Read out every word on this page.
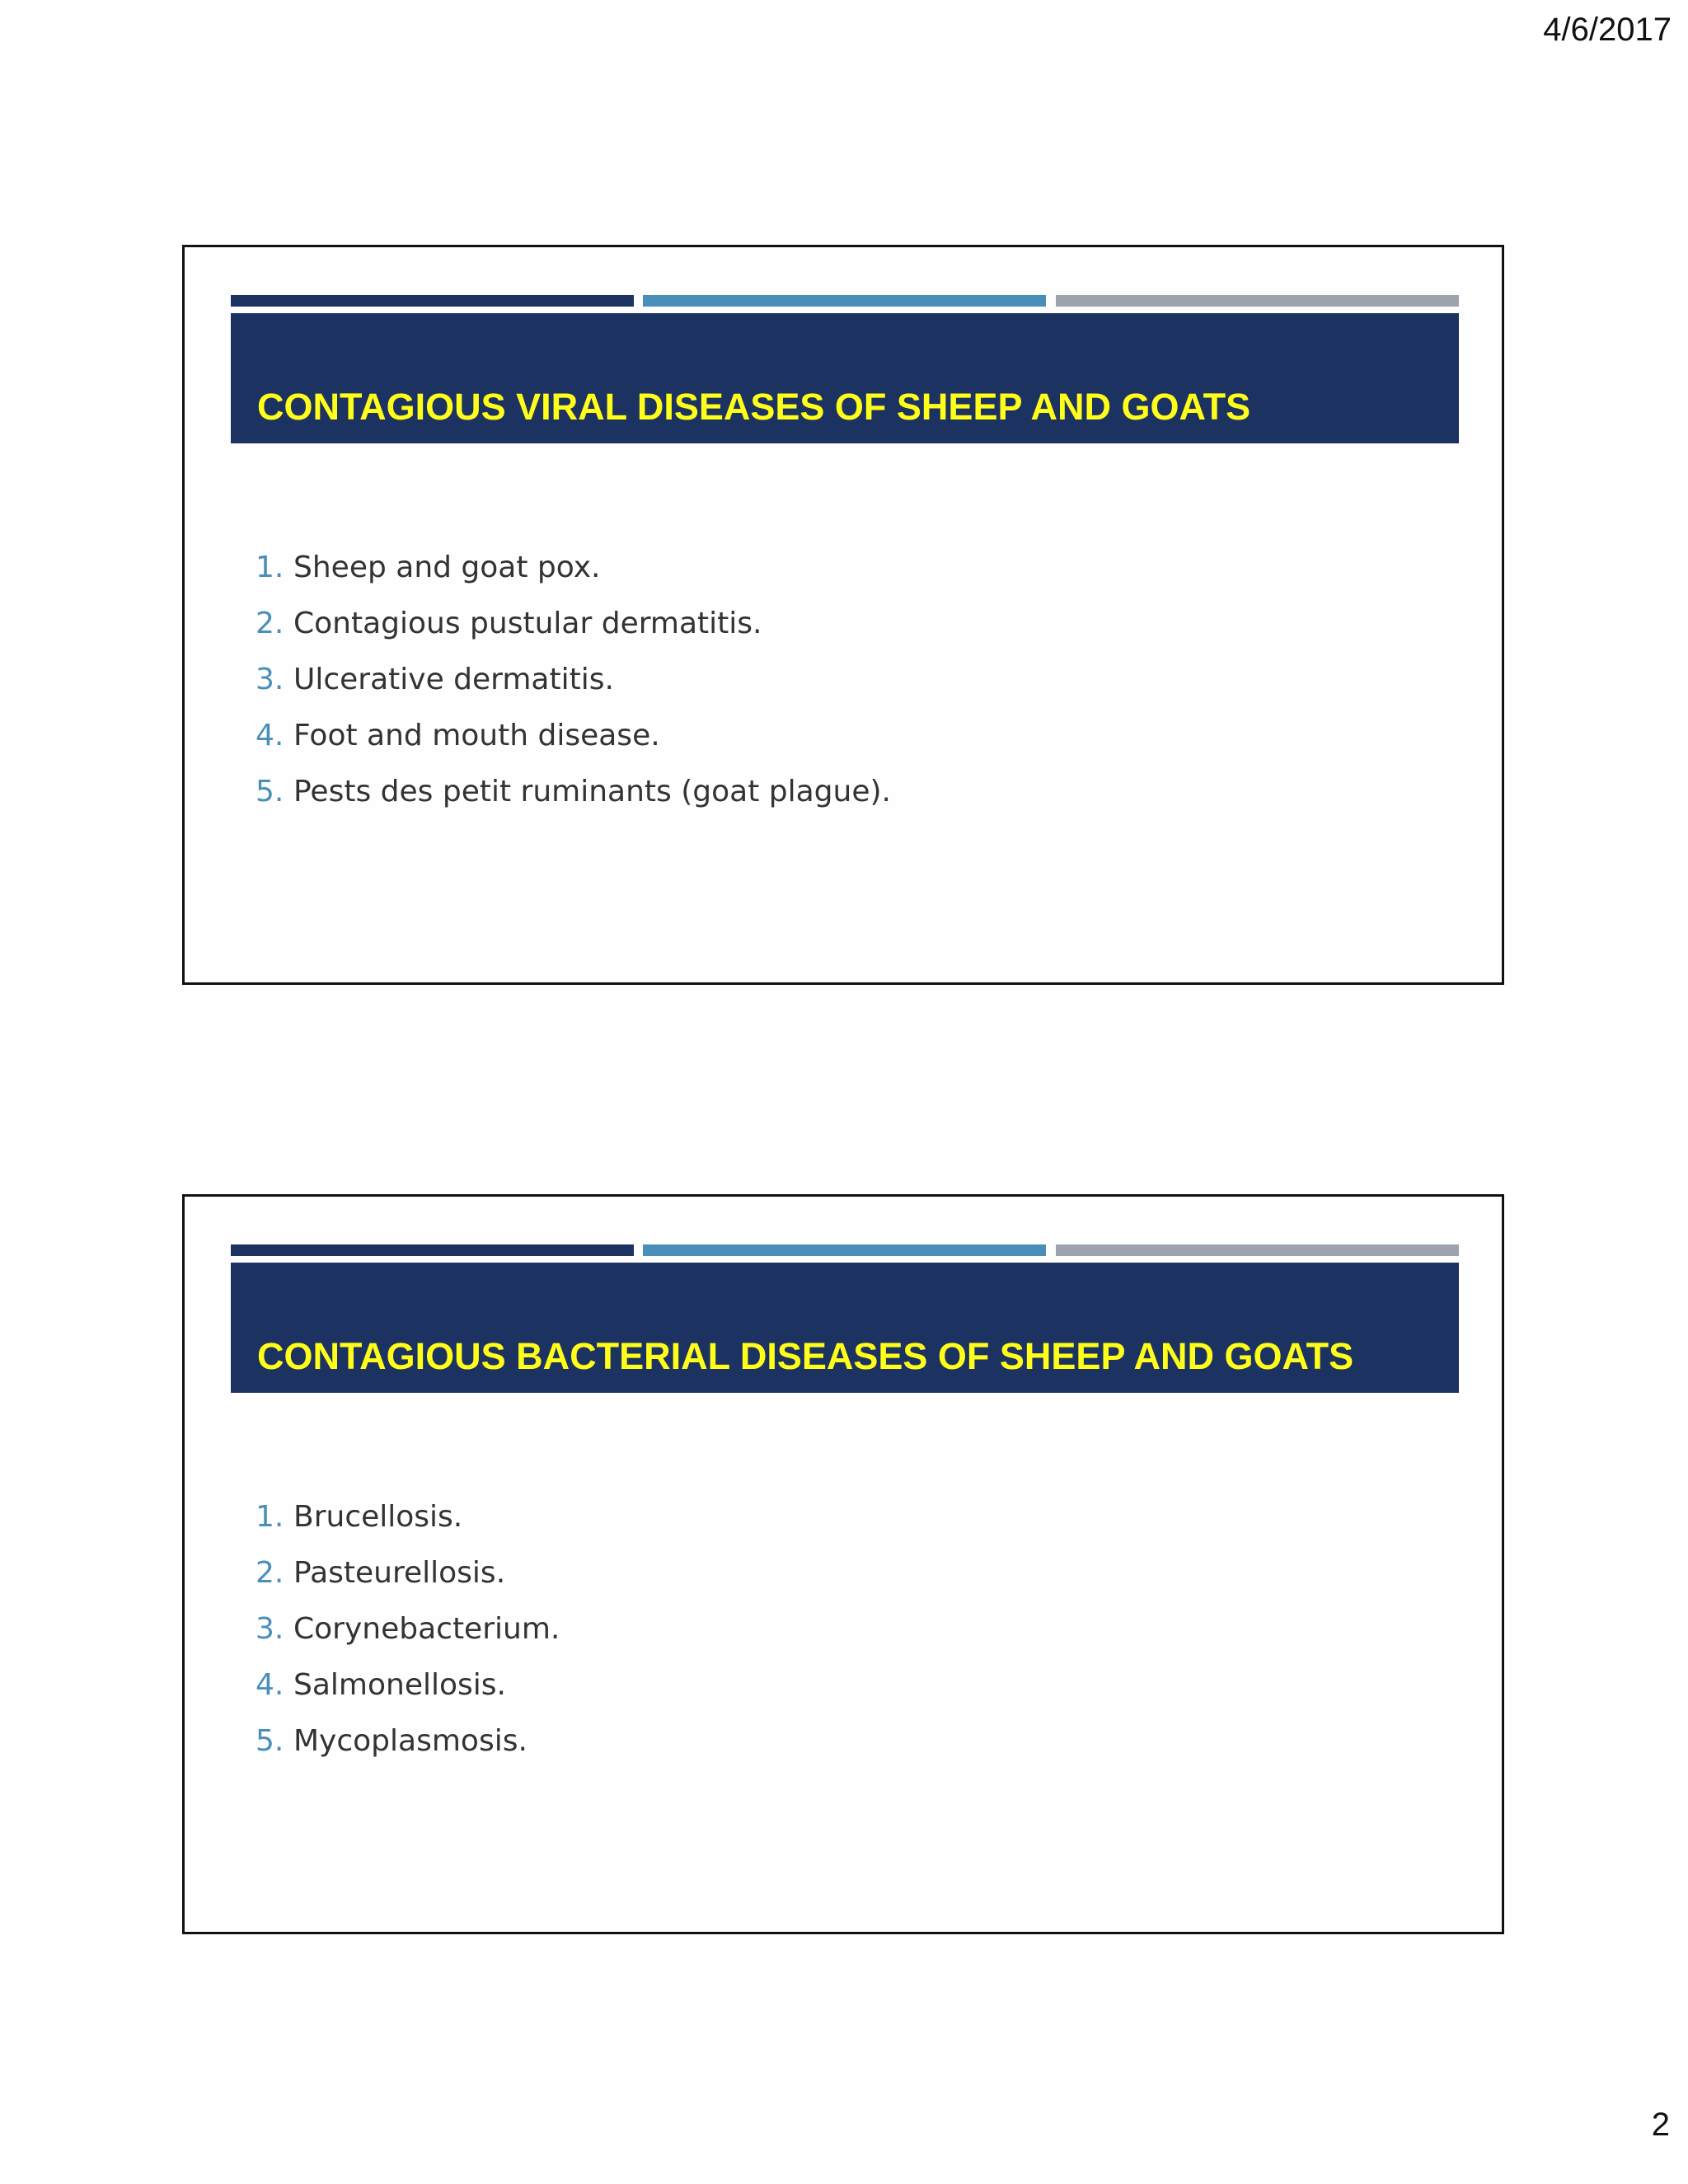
4/6/2017
CONTAGIOUS VIRAL DISEASES OF SHEEP AND GOATS
1. Sheep and goat pox.
2. Contagious pustular dermatitis.
3. Ulcerative dermatitis.
4. Foot and mouth disease.
5. Pests des petit ruminants (goat plague).
CONTAGIOUS BACTERIAL DISEASES OF SHEEP AND GOATS
1. Brucellosis.
2. Pasteurellosis.
3. Corynebacterium.
4. Salmonellosis.
5. Mycoplasmosis.
2
